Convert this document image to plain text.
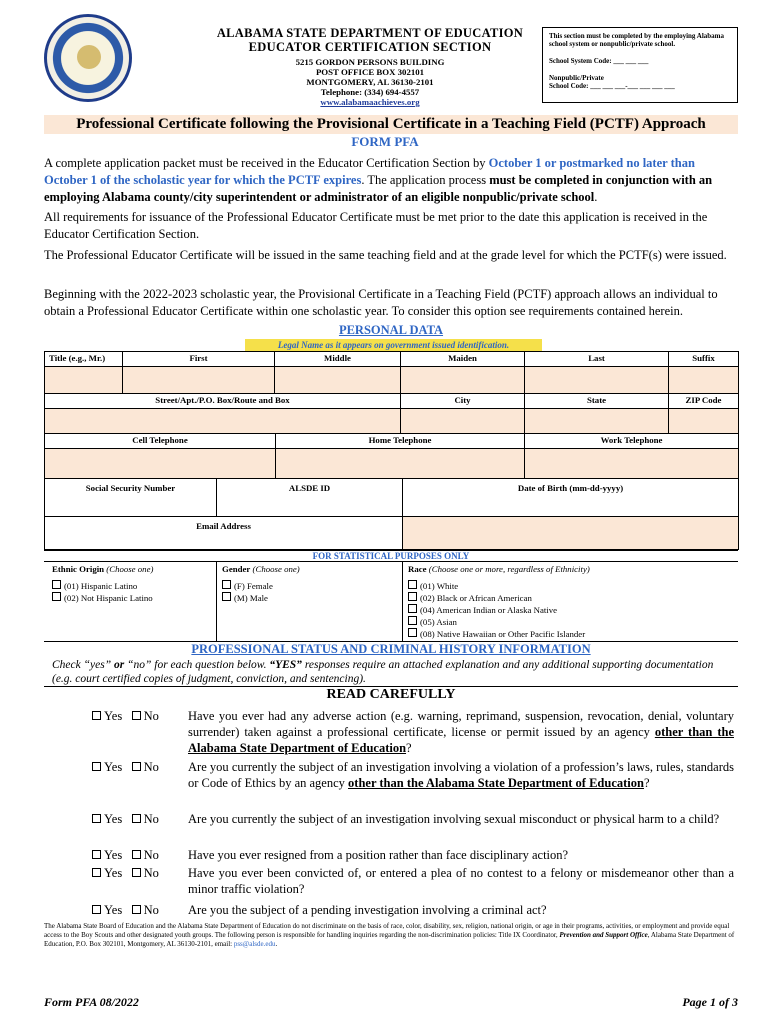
ALABAMA STATE DEPARTMENT OF EDUCATION
EDUCATOR CERTIFICATION SECTION
5215 GORDON PERSONS BUILDING
POST OFFICE BOX 302101
MONTGOMERY, AL 36130-2101
Telephone: (334) 694-4557
www.alabamaachieves.org
This section must be completed by the employing Alabama school system or nonpublic/private school.
School System Code: ___ ___ ___
Nonpublic/Private
School Code: ___ ___ ___-___ ___ ___ ___
Professional Certificate following the Provisional Certificate in a Teaching Field (PCTF) Approach
FORM PFA
A complete application packet must be received in the Educator Certification Section by October 1 or postmarked no later than October 1 of the scholastic year for which the PCTF expires. The application process must be completed in conjunction with an employing Alabama county/city superintendent or administrator of an eligible nonpublic/private school.
All requirements for issuance of the Professional Educator Certificate must be met prior to the date this application is received in the Educator Certification Section.
The Professional Educator Certificate will be issued in the same teaching field and at the grade level for which the PCTF(s) were issued.
Beginning with the 2022-2023 scholastic year, the Provisional Certificate in a Teaching Field (PCTF) approach allows an individual to obtain a Professional Educator Certificate within one scholastic year. To consider this option see requirements contained herein.
PERSONAL DATA
Legal Name as it appears on government issued identification.
Title (e.g., Mr.)	First	Middle	Maiden	Last	Suffix

Street/Apt./P.O. Box/Route and Box	City	State	ZIP Code

Cell Telephone	Home Telephone	Work Telephone

Social Security Number	ALSDE ID	Date of Birth (mm-dd-yyyy)
Email Address	
FOR STATISTICAL PURPOSES ONLY
Ethnic Origin (Choose one)
(01) Hispanic Latino
(02) Not Hispanic Latino
Gender (Choose one)
(F) Female
(M) Male
Race (Choose one or more, regardless of Ethnicity)
(01) White
(02) Black or African American
(04) American Indian or Alaska Native
(05) Asian
(08) Native Hawaiian or Other Pacific Islander
PROFESSIONAL STATUS AND CRIMINAL HISTORY INFORMATION
Check “yes” or “no” for each question below. “YES” responses require an attached explanation and any additional supporting documentation (e.g. court certified copies of judgment, conviction, and sentencing).
READ CAREFULLY
Yes No	Have you ever had any adverse action (e.g. warning, reprimand, suspension, revocation, denial, voluntary surrender) taken against a professional certificate, license or permit issued by an agency other than the Alabama State Department of Education?
Yes No	Are you currently the subject of an investigation involving a violation of a profession’s laws, rules, standards or Code of Ethics by an agency other than the Alabama State Department of Education?
Yes No	Are you currently the subject of an investigation involving sexual misconduct or physical harm to a child?
Yes No	Have you ever resigned from a position rather than face disciplinary action?
Yes No	Have you ever been convicted of, or entered a plea of no contest to a felony or misdemeanor other than a minor traffic violation?
Yes No	Are you the subject of a pending investigation involving a criminal act?
The Alabama State Board of Education and the Alabama State Department of Education do not discriminate on the basis of race, color, disability, sex, religion, national origin, or age in their programs, activities, or employment and provide equal access to the Boy Scouts and other designated youth groups. The following person is responsible for handling inquiries regarding the non-discrimination policies: Title IX Coordinator, Prevention and Support Office, Alabama State Department of Education, P.O. Box 302101, Montgomery, AL 36130-2101, email: pss@alsde.edu.
Form PFA 08/2022	Page 1 of 3
